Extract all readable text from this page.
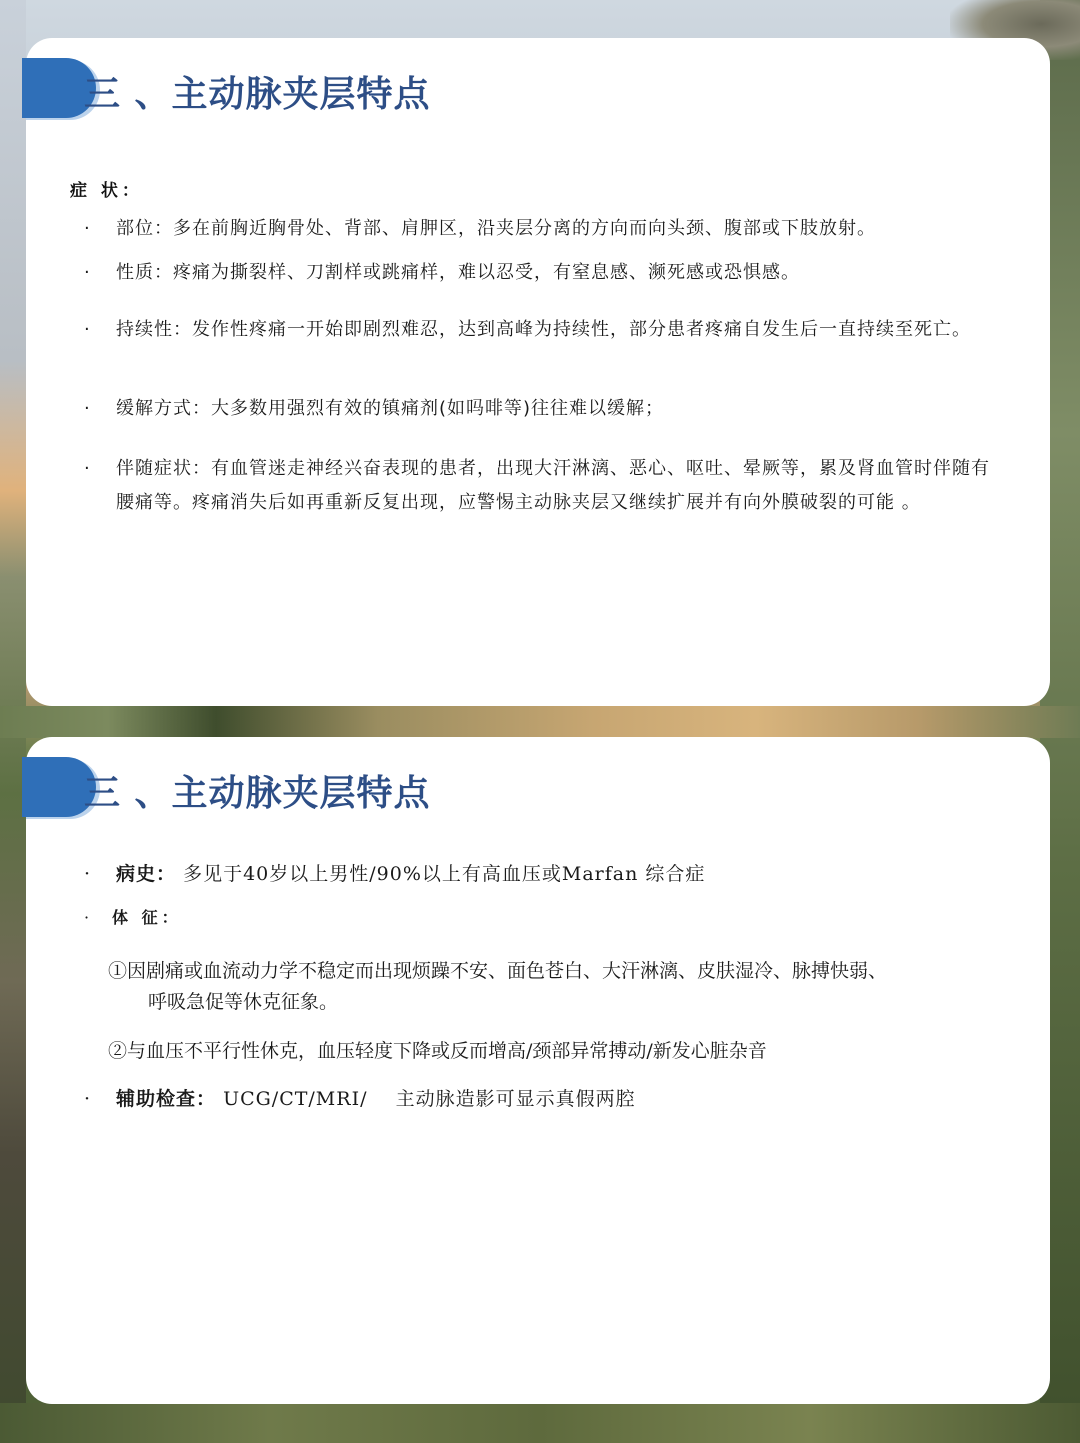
三 、主动脉夹层特点
症 状：
·	部位：多在前胸近胸骨处、背部、肩胛区，沿夹层分离的方向而向头颈、腹部或下肢放射。
·	性质：疼痛为撕裂样、刀割样或跳痛样，难以忍受，有窒息感、濒死感或恐惧感。
·	持续性：发作性疼痛一开始即剧烈难忍，达到高峰为持续性，部分患者疼痛自发生后一直持续至死亡。
·	缓解方式：大多数用强烈有效的镇痛剂(如吗啡等)往往难以缓解；
·	伴随症状：有血管迷走神经兴奋表现的患者，出现大汗淋漓、恶心、呕吐、晕厥等，累及肾血管时伴随有腰痛等。疼痛消失后如再重新反复出现，应警惕主动脉夹层又继续扩展并有向外膜破裂的可能 。
三 、主动脉夹层特点
·	病史： 多见于40岁以上男性/90%以上有高血压或Marfan 综合症
·	体 征：
①因剧痛或血流动力学不稳定而出现烦躁不安、面色苍白、大汗淋漓、皮肤湿冷、脉搏快弱、
呼吸急促等休克征象。
②与血压不平行性休克，血压轻度下降或反而增高/颈部异常搏动/新发心脏杂音
·	辅助检查： UCG/CT/MRI/    主动脉造影可显示真假两腔
